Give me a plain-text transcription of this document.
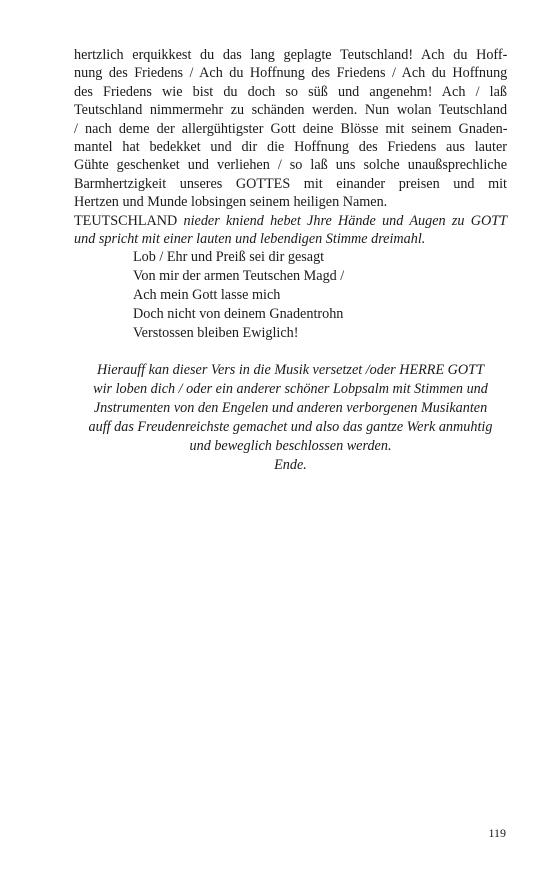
hertzlich erquikkest du das lang geplagte Teutschland! Ach du Hoff-
nung des Friedens / Ach du Hoffnung des Friedens / Ach du Hoffnung
des Friedens wie bist du doch so süß und angenehm! Ach / laß
Teutschland nimmermehr zu schänden werden. Nun wolan Teutschland
/ nach deme der allergühtigster Gott deine Blösse mit seinem Gnaden-
mantel hat bedekket und dir die Hoffnung des Friedens aus lauter
Gühte geschenket und verliehen / so laß uns solche unaußsprechliche
Barmhertzigkeit unseres GOTTES mit einander preisen und mit
Hertzen und Munde lobsingen seinem heiligen Namen.

TEUTSCHLAND nieder kniend hebet Jhre Hände und Augen zu GOTT
und spricht mit einer lauten und lebendigen Stimme dreimahl.

Lob / Ehr und Preiß sei dir gesagt
Von mir der armen Teutschen Magd /
Ach mein Gott lasse mich
Doch nicht von deinem Gnadentrohn
Verstossen bleiben Ewiglich!
Hierauff kan dieser Vers in die Musik versetzet /oder HERRE GOTT
wir loben dich / oder ein anderer schöner Lobpsalm mit Stimmen und
Jnstrumenten von den Engelen und anderen verborgenen Musikanten
auff das Freudenreichste gemachet und also das gantze Werk anmuhtig
und beweglich beschlossen werden.
Ende.
119
